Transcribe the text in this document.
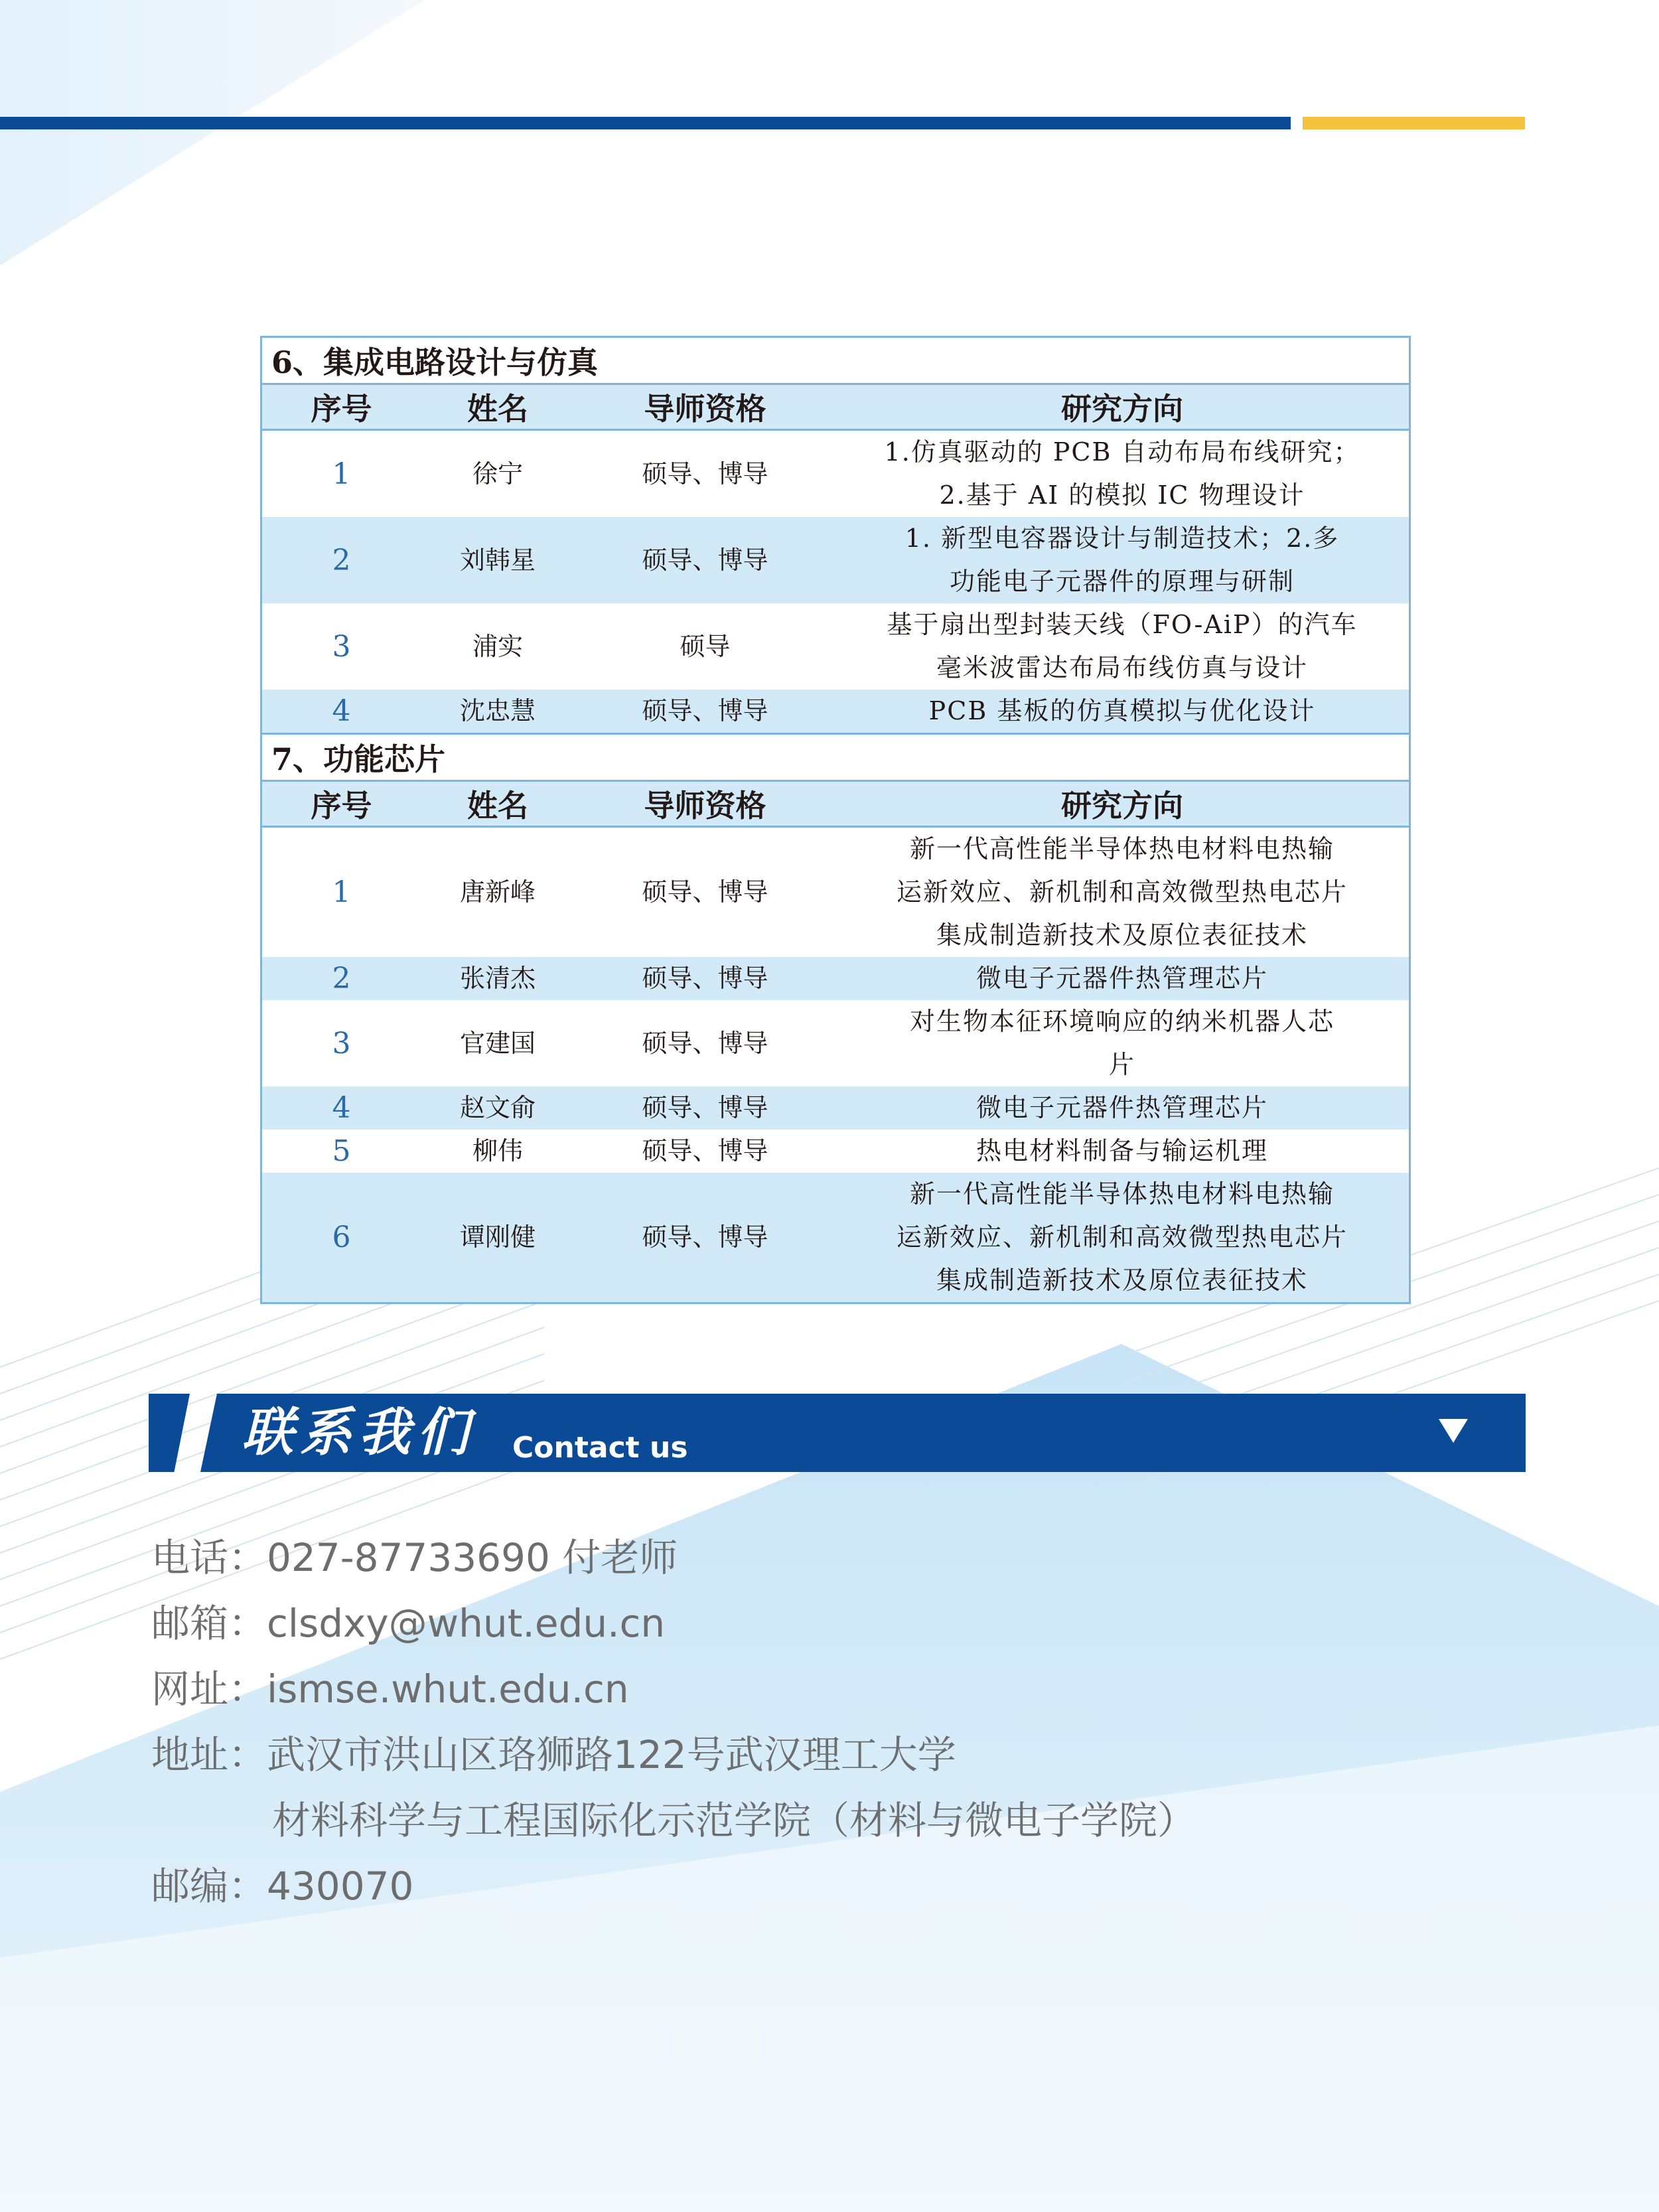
6、集成电路设计与仿真			
序号	姓名	导师资格	研究方向
1	徐宁	硕导、博导	1.仿真驱动的 PCB 自动布局布线研究；
2.基于 AI 的模拟 IC 物理设计

2	刘韩星	硕导、博导	1. 新型电容器设计与制造技术；2.多
功能电子元器件的原理与研制

3	浦实	硕导	基于扇出型封装天线（FO-AiP）的汽车
毫米波雷达布局布线仿真与设计

4	沈忠慧	硕导、博导	PCB 基板的仿真模拟与优化设计

7、功能芯片			
序号	姓名	导师资格	研究方向
1	唐新峰	硕导、博导	新一代高性能半导体热电材料电热输
运新效应、新机制和高效微型热电芯片
集成制造新技术及原位表征技术

2	张清杰	硕导、博导	微电子元器件热管理芯片

3	官建国	硕导、博导	对生物本征环境响应的纳米机器人芯
片

4	赵文俞	硕导、博导	微电子元器件热管理芯片

5	柳伟	硕导、博导	热电材料制备与输运机理

6	谭刚健	硕导、博导	新一代高性能半导体热电材料电热输
运新效应、新机制和高效微型热电芯片
集成制造新技术及原位表征技术
联系我们 Contact us
电话：027-87733690 付老师
邮箱：clsdxy@whut.edu.cn
网址：ismse.whut.edu.cn
地址：武汉市洪山区珞狮路122号武汉理工大学
材料科学与工程国际化示范学院（材料与微电子学院）
邮编：430070
